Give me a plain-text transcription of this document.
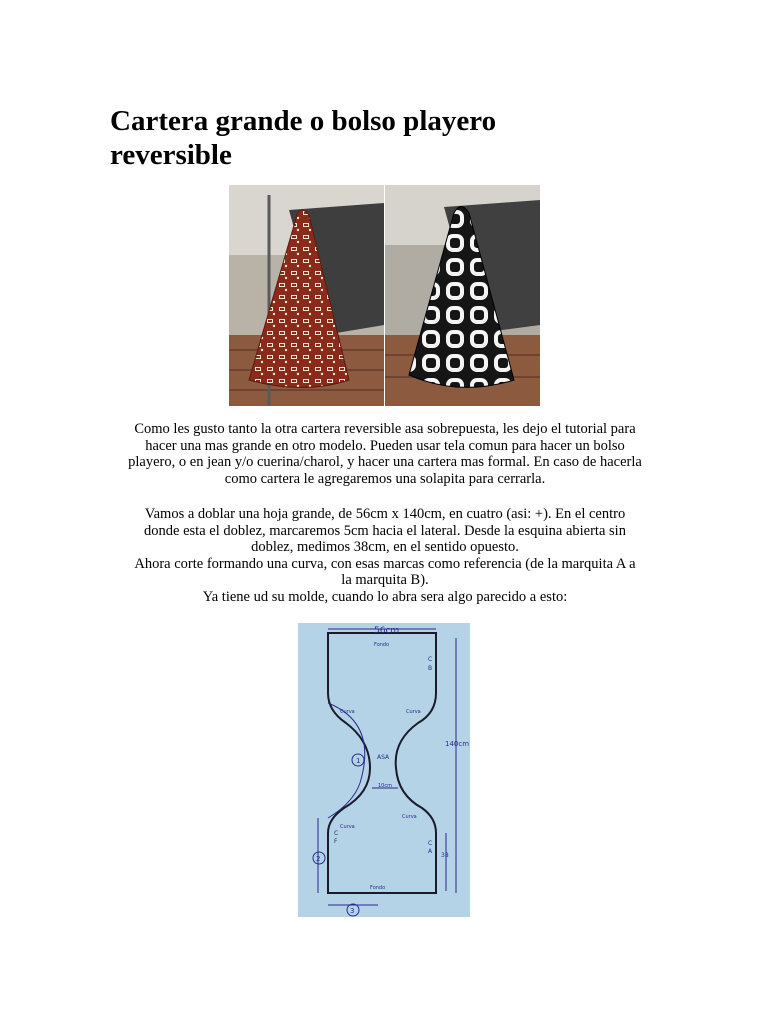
Cartera grande o bolso playero
reversible
Como les gusto tanto la otra cartera reversible asa sobrepuesta, les dejo el tutorial para
hacer una mas grande en otro modelo. Pueden usar tela comun para hacer un bolso
playero, o en jean y/o cuerina/charol, y hacer una cartera mas formal. En caso de hacerla
como cartera le agregaremos una solapita para cerrarla.
Vamos a doblar una hoja grande, de 56cm x 140cm, en cuatro (asi: +). En el centro
donde esta el doblez, marcaremos 5cm hacia el lateral. Desde la esquina abierta sin
doblez, medimos 38cm, en el sentido opuesto.
Ahora corte formando una curva, con esas marcas como referencia (de la marquita A a
la marquita B).
Ya tiene ud su molde, cuando lo abra sera algo parecido a esto:
56cm
Fondo
140cm
C
B
Curva	Curva
Curva
Curva
ASA
10cm
1
2
3
C
F	C
A
38
Fondo
